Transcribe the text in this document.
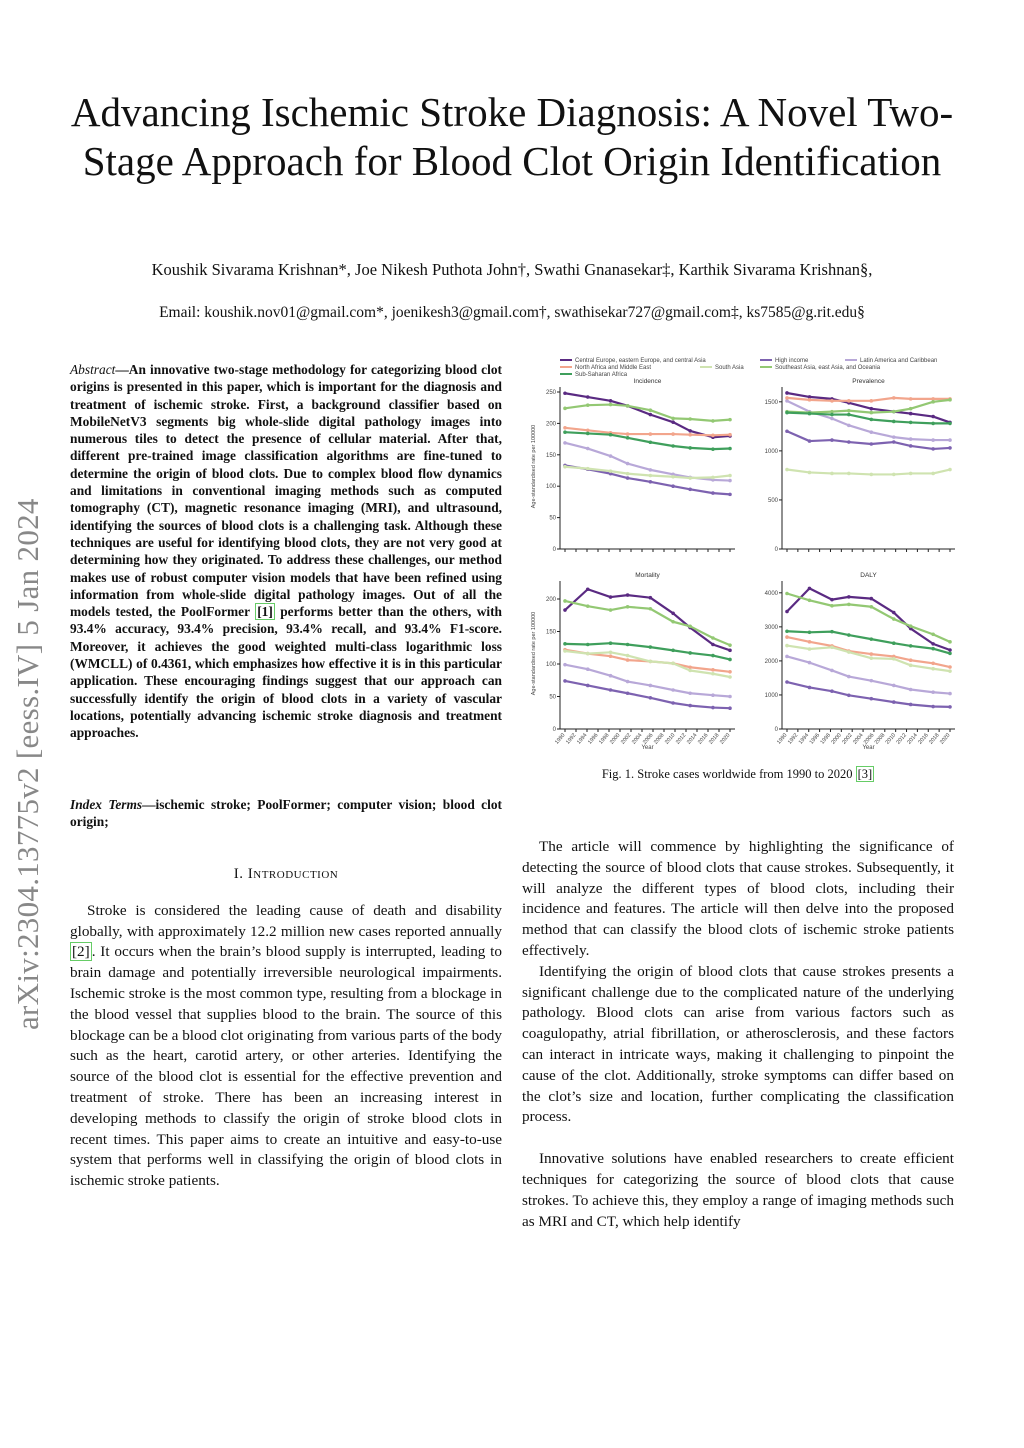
arXiv:2304.13775v2 [eess.IV] 5 Jan 2024
Advancing Ischemic Stroke Diagnosis: A Novel Two-Stage Approach for Blood Clot Origin Identification
Koushik Sivarama Krishnan*, Joe Nikesh Puthota John†, Swathi Gnanasekar‡, Karthik Sivarama Krishnan§,
Email: koushik.nov01@gmail.com*, joenikesh3@gmail.com†, swathisekar727@gmail.com‡, ks7585@g.rit.edu§
Abstract—An innovative two-stage methodology for categorizing blood clot origins is presented in this paper, which is important for the diagnosis and treatment of ischemic stroke. First, a background classifier based on MobileNetV3 segments big whole-slide digital pathology images into numerous tiles to detect the presence of cellular material. After that, different pre-trained image classification algorithms are fine-tuned to determine the origin of blood clots. Due to complex blood flow dynamics and limitations in conventional imaging methods such as computed tomography (CT), magnetic resonance imaging (MRI), and ultrasound, identifying the sources of blood clots is a challenging task. Although these techniques are useful for identifying blood clots, they are not very good at determining how they originated. To address these challenges, our method makes use of robust computer vision models that have been refined using information from whole-slide digital pathology images. Out of all the models tested, the PoolFormer [1] performs better than the others, with 93.4% accuracy, 93.4% precision, 93.4% recall, and 93.4% F1-score. Moreover, it achieves the good weighted multi-class logarithmic loss (WMCLL) of 0.4361, which emphasizes how effective it is in this particular application. These encouraging findings suggest that our approach can successfully identify the origin of blood clots in a variety of vascular locations, potentially advancing ischemic stroke diagnosis and treatment approaches.
Index Terms—ischemic stroke; PoolFormer; computer vision; blood clot origin;
I. Introduction

Stroke is considered the leading cause of death and disability globally, with approximately 12.2 million new cases reported annually [2] . It occurs when the brain’s blood supply is interrupted, leading to brain damage and potentially irreversible neurological impairments. Ischemic stroke is the most common type, resulting from a blockage in the blood vessel that supplies blood to the brain. The source of this blockage can be a blood clot originating from various parts of the body such as the heart, carotid artery, or other arteries. Identifying the source of the blood clot is essential for the effective prevention and treatment of stroke. There has been an increasing interest in developing methods to classify the origin of stroke blood clots in recent times. This paper aims to create an intuitive and easy-to-use system that performs well in classifying the origin of blood clots in ischemic stroke patients.

The article will commence by highlighting the significance of detecting the source of blood clots that cause strokes. Subsequently, it will analyze the different types of blood clots, including their incidence and features. The article will then delve into the proposed method that can classify the blood clots of ischemic stroke patients effectively.

Identifying the origin of blood clots that cause strokes presents a significant challenge due to the complicated nature of the underlying pathology. Blood clots can arise from various factors such as coagulopathy, atrial fibrillation, or atherosclerosis, and these factors can interact in intricate ways, making it challenging to pinpoint the cause of the clot. Additionally, stroke symptoms can differ based on the clot’s size and location, further complicating the classification process.

Innovative solutions have enabled researchers to create efficient techniques for categorizing the source of blood clots that cause strokes. To achieve this, they employ a range of imaging methods such as MRI and CT, which help identify

Central Europe, eastern Europe, and central Asia	High income	Latin America and Caribbean
North Africa and Middle East	South Asia	Southeast Asia, east Asia, and Oceania
Sub-Saharan Africa
Incidence
0
50
100
150
200
250
Age-standardised rate per 100000
Prevalence
0
500
1000
1500
Mortality
0
50
100
150
200
1990
1992
1994
1996
1998
2000
2002
2004
2006
2008
2010
2012
2014
2016
2018
2020
Year
Age-standardised rate per 100000
DALY
0
1000
2000
3000
4000
1990
1992
1994
1996
1998
2000
2002
2004
2006
2008
2010
2012
2014
2016
2018
2020
Year
Fig. 1. Stroke cases worldwide from 1990 to 2020 [3]
